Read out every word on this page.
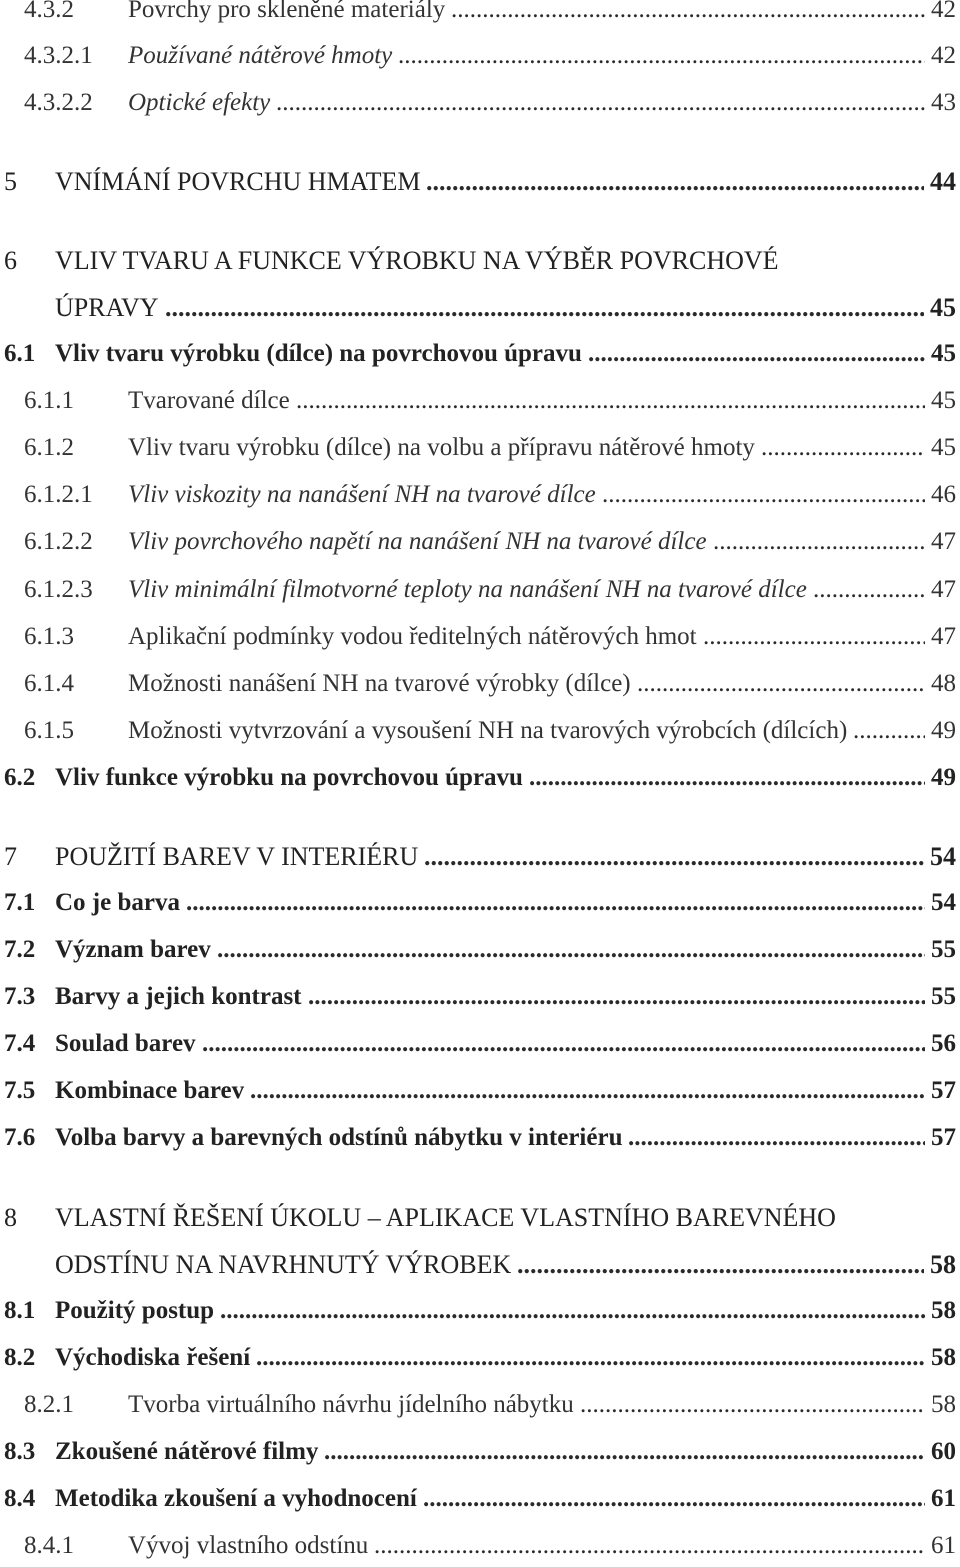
4.3.2 Povrchy pro skleněné materiály	42
.....
4.3.2.1 Používané nátěrové hmoty	42
.....
4.3.2.2 Optické efekty	43
.....
5 VNÍMÁNÍ POVRCHU HMATEM	44
.....
6 VLIV TVARU A FUNKCE VÝROBKU NA VÝBĚR POVRCHOVÉ
ÚPRAVY	45
.....
6.1 Vliv tvaru výrobku (dílce) na povrchovou úpravu	45
.....
6.1.1 Tvarované dílce	45
.....
6.1.2 Vliv tvaru výrobku (dílce) na volbu a přípravu nátěrové hmoty	45
.....
6.1.2.1 Vliv viskozity na nanášení NH na tvarové dílce	46
.....
6.1.2.2 Vliv povrchového napětí na nanášení NH na tvarové dílce	47
.....
6.1.2.3 Vliv minimální filmotvorné teploty na nanášení NH na tvarové dílce	47
.....
6.1.3 Aplikační podmínky vodou ředitelných nátěrových hmot	47
.....
6.1.4 Možnosti nanášení NH na tvarové výrobky (dílce)	48
.....
6.1.5 Možnosti vytvrzování a vysoušení NH na tvarových výrobcích (dílcích)	49
.....
6.2 Vliv funkce výrobku na povrchovou úpravu	49
.....
7 POUŽITÍ BAREV V INTERIÉRU	54
.....
7.1 Co je barva	54
.....
7.2 Význam barev	55
.....
7.3 Barvy a jejich kontrast	55
.....
7.4 Soulad barev	56
.....
7.5 Kombinace barev	57
.....
7.6 Volba barvy a barevných odstínů nábytku v interiéru	57
.....
8 VLASTNÍ ŘEŠENÍ ÚKOLU – APLIKACE VLASTNÍHO BAREVNÉHO
ODSTÍNU NA NAVRHNUTÝ VÝROBEK	58
.....
8.1 Použitý postup	58
.....
8.2 Východiska řešení	58
.....
8.2.1 Tvorba virtuálního návrhu jídelního nábytku	58
.....
8.3 Zkoušené nátěrové filmy	60
.....
8.4 Metodika zkoušení a vyhodnocení	61
.....
8.4.1 Vývoj vlastního odstínu	61
.....
